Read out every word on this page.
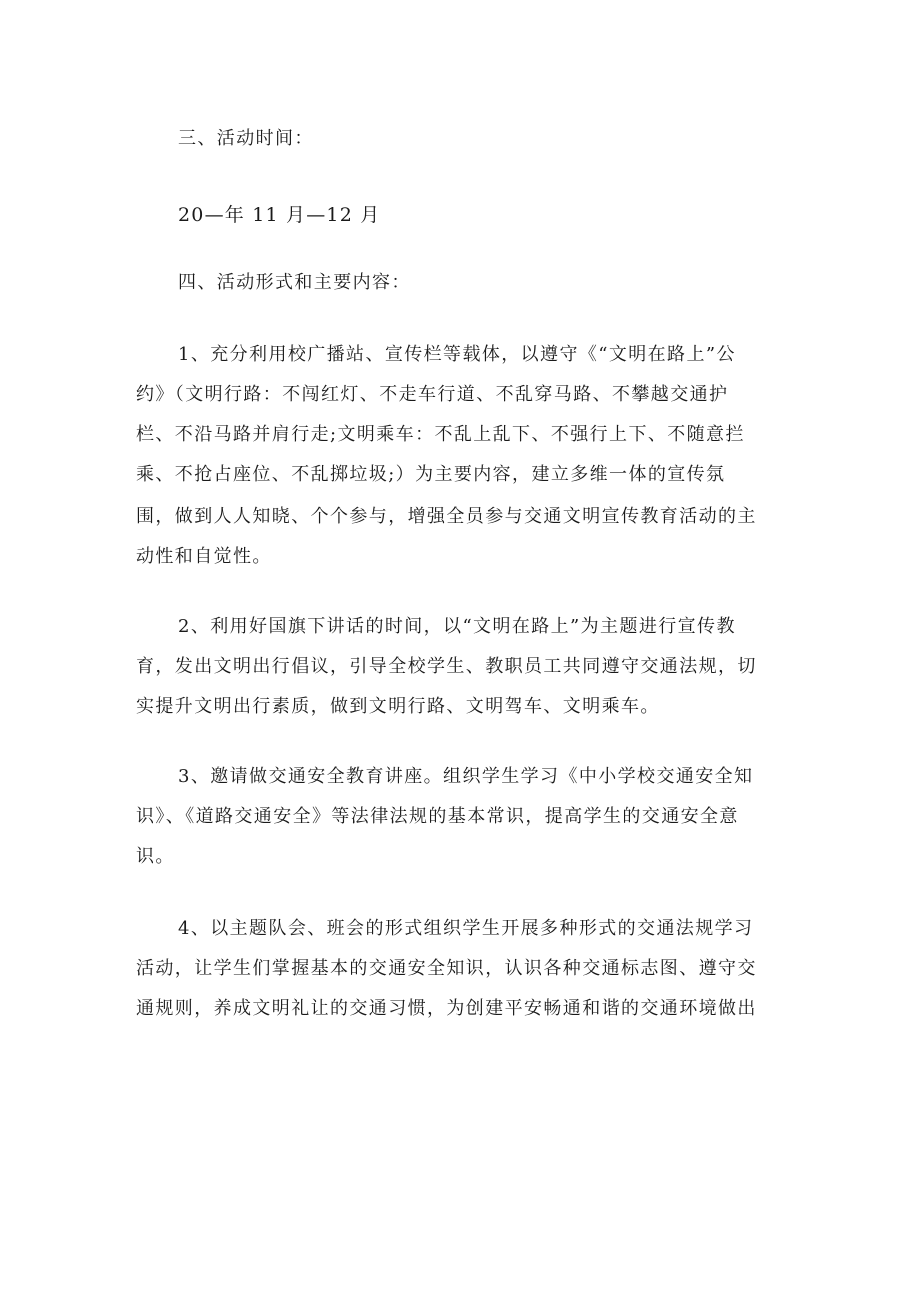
三、活动时间：
20—年 11 月—12 月
四、活动形式和主要内容：
1、充分利用校广播站、宣传栏等载体，以遵守《“文明在路上”公
约》（文明行路：不闯红灯、不走车行道、不乱穿马路、不攀越交通护
栏、不沿马路并肩行走;文明乘车：不乱上乱下、不强行上下、不随意拦
乘、不抢占座位、不乱掷垃圾;）为主要内容，建立多维一体的宣传氛
围，做到人人知晓、个个参与，增强全员参与交通文明宣传教育活动的主
动性和自觉性。
2、利用好国旗下讲话的时间，以“文明在路上”为主题进行宣传教
育，发出文明出行倡议，引导全校学生、教职员工共同遵守交通法规，切
实提升文明出行素质，做到文明行路、文明驾车、文明乘车。
3、邀请做交通安全教育讲座。组织学生学习《中小学校交通安全知
识》、《道路交通安全》等法律法规的基本常识，提高学生的交通安全意
识。
4、以主题队会、班会的形式组织学生开展多种形式的交通法规学习
活动，让学生们掌握基本的交通安全知识，认识各种交通标志图、遵守交
通规则，养成文明礼让的交通习惯，为创建平安畅通和谐的交通环境做出
